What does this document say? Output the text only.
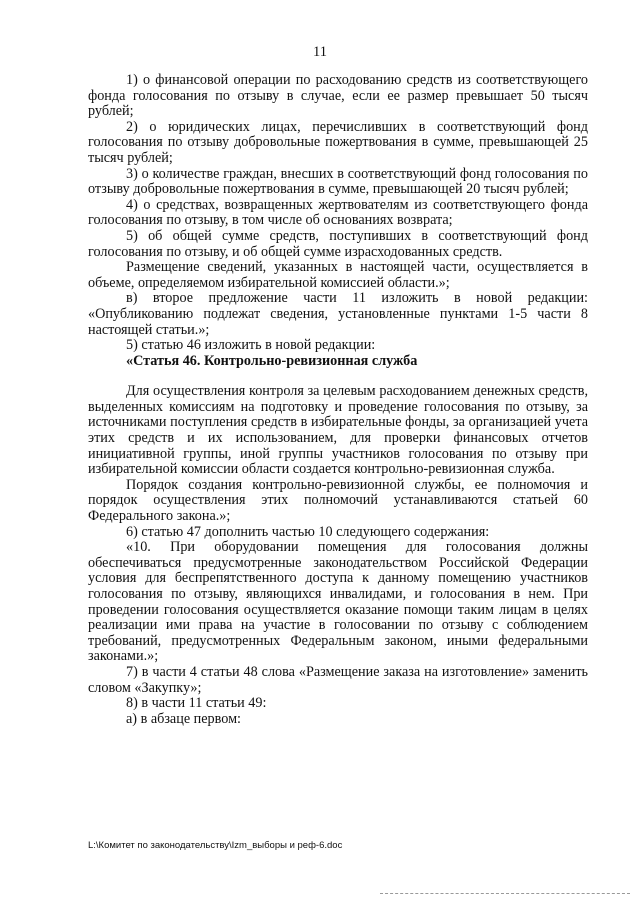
11

1) о финансовой операции по расходованию средств из соответствующего фонда голосования по отзыву в случае, если ее размер превышает 50 тысяч рублей;

2) о юридических лицах, перечисливших в соответствующий фонд голосования по отзыву добровольные пожертвования в сумме, превышающей 25 тысяч рублей;

3) о количестве граждан, внесших в соответствующий фонд голосования по отзыву добровольные пожертвования в сумме, превышающей 20 тысяч рублей;

4) о средствах, возвращенных жертвователям из соответствующего фонда голосования по отзыву, в том числе об основаниях возврата;

5) об общей сумме средств, поступивших в соответствующий фонд голосования по отзыву, и об общей сумме израсходованных средств.

Размещение сведений, указанных в настоящей части, осуществляется в объеме, определяемом избирательной комиссией области.»;

в) второе предложение части 11 изложить в новой редакции: «Опубликованию подлежат сведения, установленные пунктами 1-5 части 8 настоящей статьи.»;

5) статью 46 изложить в новой редакции:

«Статья 46. Контрольно-ревизионная служба

Для осуществления контроля за целевым расходованием денежных средств, выделенных комиссиям на подготовку и проведение голосования по отзыву, за источниками поступления средств в избирательные фонды, за организацией учета этих средств и их использованием, для проверки финансовых отчетов инициативной группы, иной группы участников голосования по отзыву при избирательной комиссии области создается контрольно-ревизионная служба.

Порядок создания контрольно-ревизионной службы, ее полномочия и порядок осуществления этих полномочий устанавливаются статьей 60 Федерального закона.»;

6) статью 47 дополнить частью 10 следующего содержания:

«10. При оборудовании помещения для голосования должны обеспечиваться предусмотренные законодательством Российской Федерации условия для беспрепятственного доступа к данному помещению участников голосования по отзыву, являющихся инвалидами, и голосования в нем. При проведении голосования осуществляется оказание помощи таким лицам в целях реализации ими права на участие в голосовании по отзыву с соблюдением требований, предусмотренных Федеральным законом, иными федеральными законами.»;

7) в части 4 статьи 48 слова «Размещение заказа на изготовление» заменить словом «Закупку»;

8) в части 11 статьи 49:

а) в абзаце первом:

L:\Комитет по законодательству\Izm_выборы и реф-6.doc
